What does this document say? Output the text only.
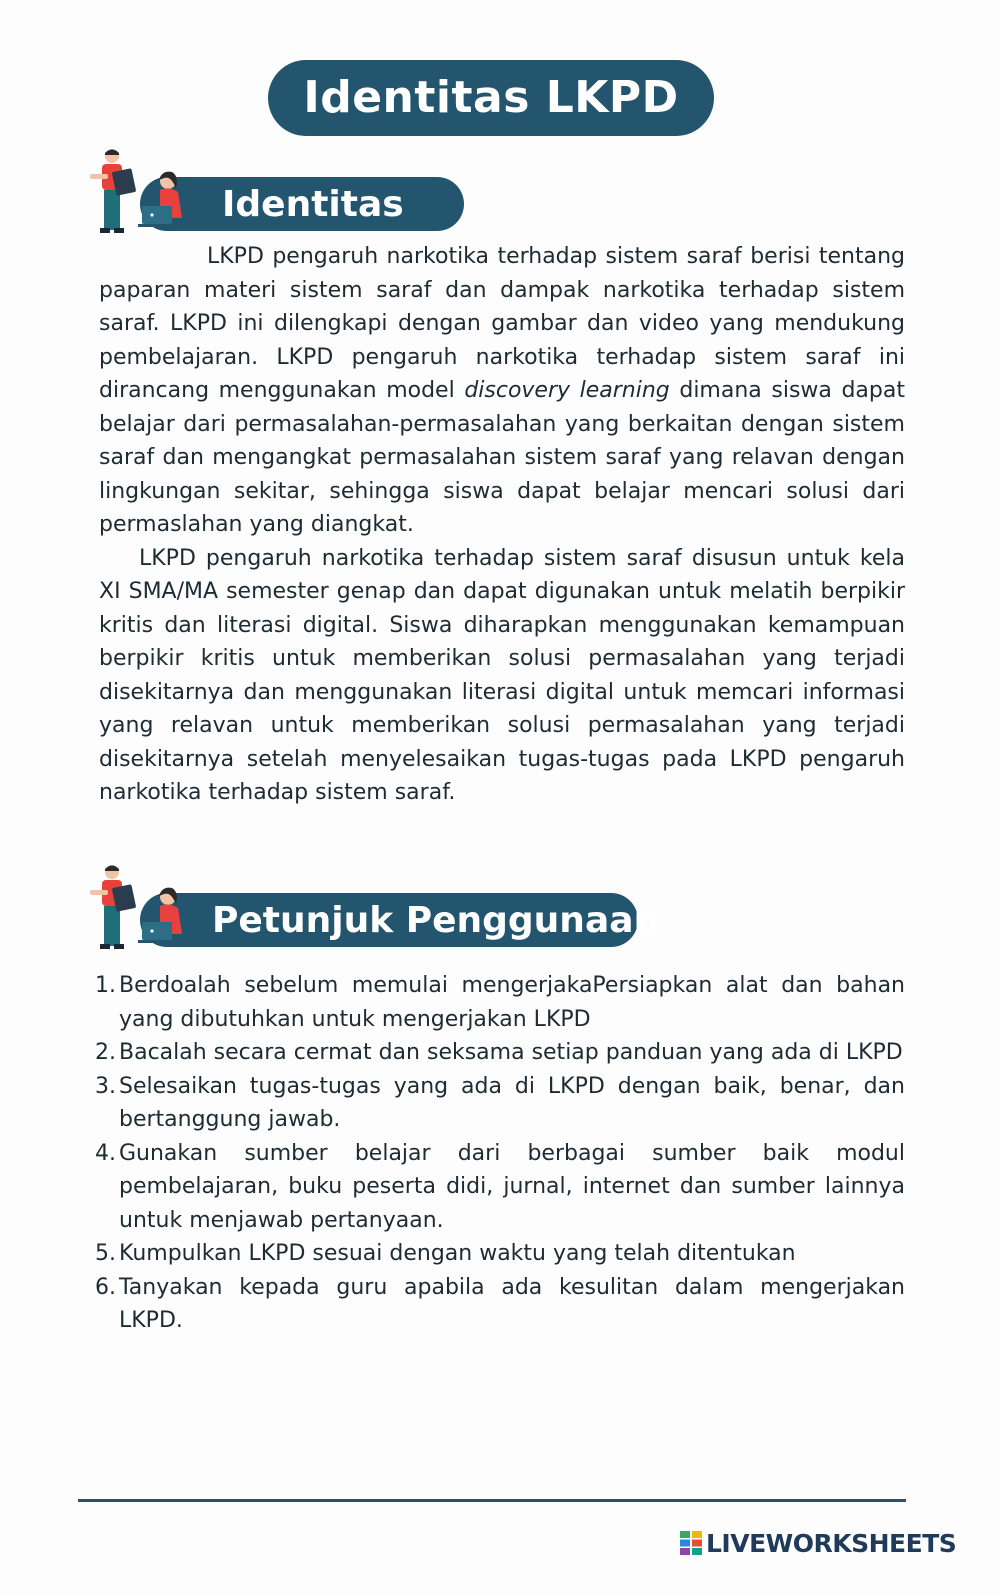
Identitas LKPD
Identitas

LKPD pengaruh narkotika terhadap sistem saraf berisi tentang paparan materi sistem saraf dan dampak narkotika terhadap sistem saraf. LKPD ini dilengkapi dengan gambar dan video yang mendukung pembelajaran. LKPD pengaruh narkotika terhadap sistem saraf ini dirancang menggunakan model discovery learning dimana siswa dapat belajar dari permasalahan-permasalahan yang berkaitan dengan sistem saraf dan mengangkat permasalahan sistem saraf yang relavan dengan lingkungan sekitar, sehingga siswa dapat belajar mencari solusi dari permaslahan yang diangkat.

LKPD pengaruh narkotika terhadap sistem saraf disusun untuk kela XI SMA/MA semester genap dan dapat digunakan untuk melatih berpikir kritis dan literasi digital. Siswa diharapkan menggunakan kemampuan berpikir kritis untuk memberikan solusi permasalahan yang terjadi disekitarnya dan menggunakan literasi digital untuk memcari informasi yang relavan untuk memberikan solusi permasalahan yang terjadi disekitarnya setelah menyelesaikan tugas-tugas pada LKPD pengaruh narkotika terhadap sistem saraf.

Petunjuk Penggunaan
1. Berdoalah sebelum memulai mengerjakaPersiapkan alat dan bahan yang dibutuhkan untuk mengerjakan LKPD
2. Bacalah secara cermat dan seksama setiap panduan yang ada di LKPD
3. Selesaikan tugas-tugas yang ada di LKPD dengan baik, benar, dan bertanggung jawab.
4. Gunakan sumber belajar dari berbagai sumber baik modul pembelajaran, buku peserta didi, jurnal, internet dan sumber lainnya untuk menjawab pertanyaan.
5. Kumpulkan LKPD sesuai dengan waktu yang telah ditentukan
6. Tanyakan kepada guru apabila ada kesulitan dalam mengerjakan LKPD.
LIVEWORKSHEETS
